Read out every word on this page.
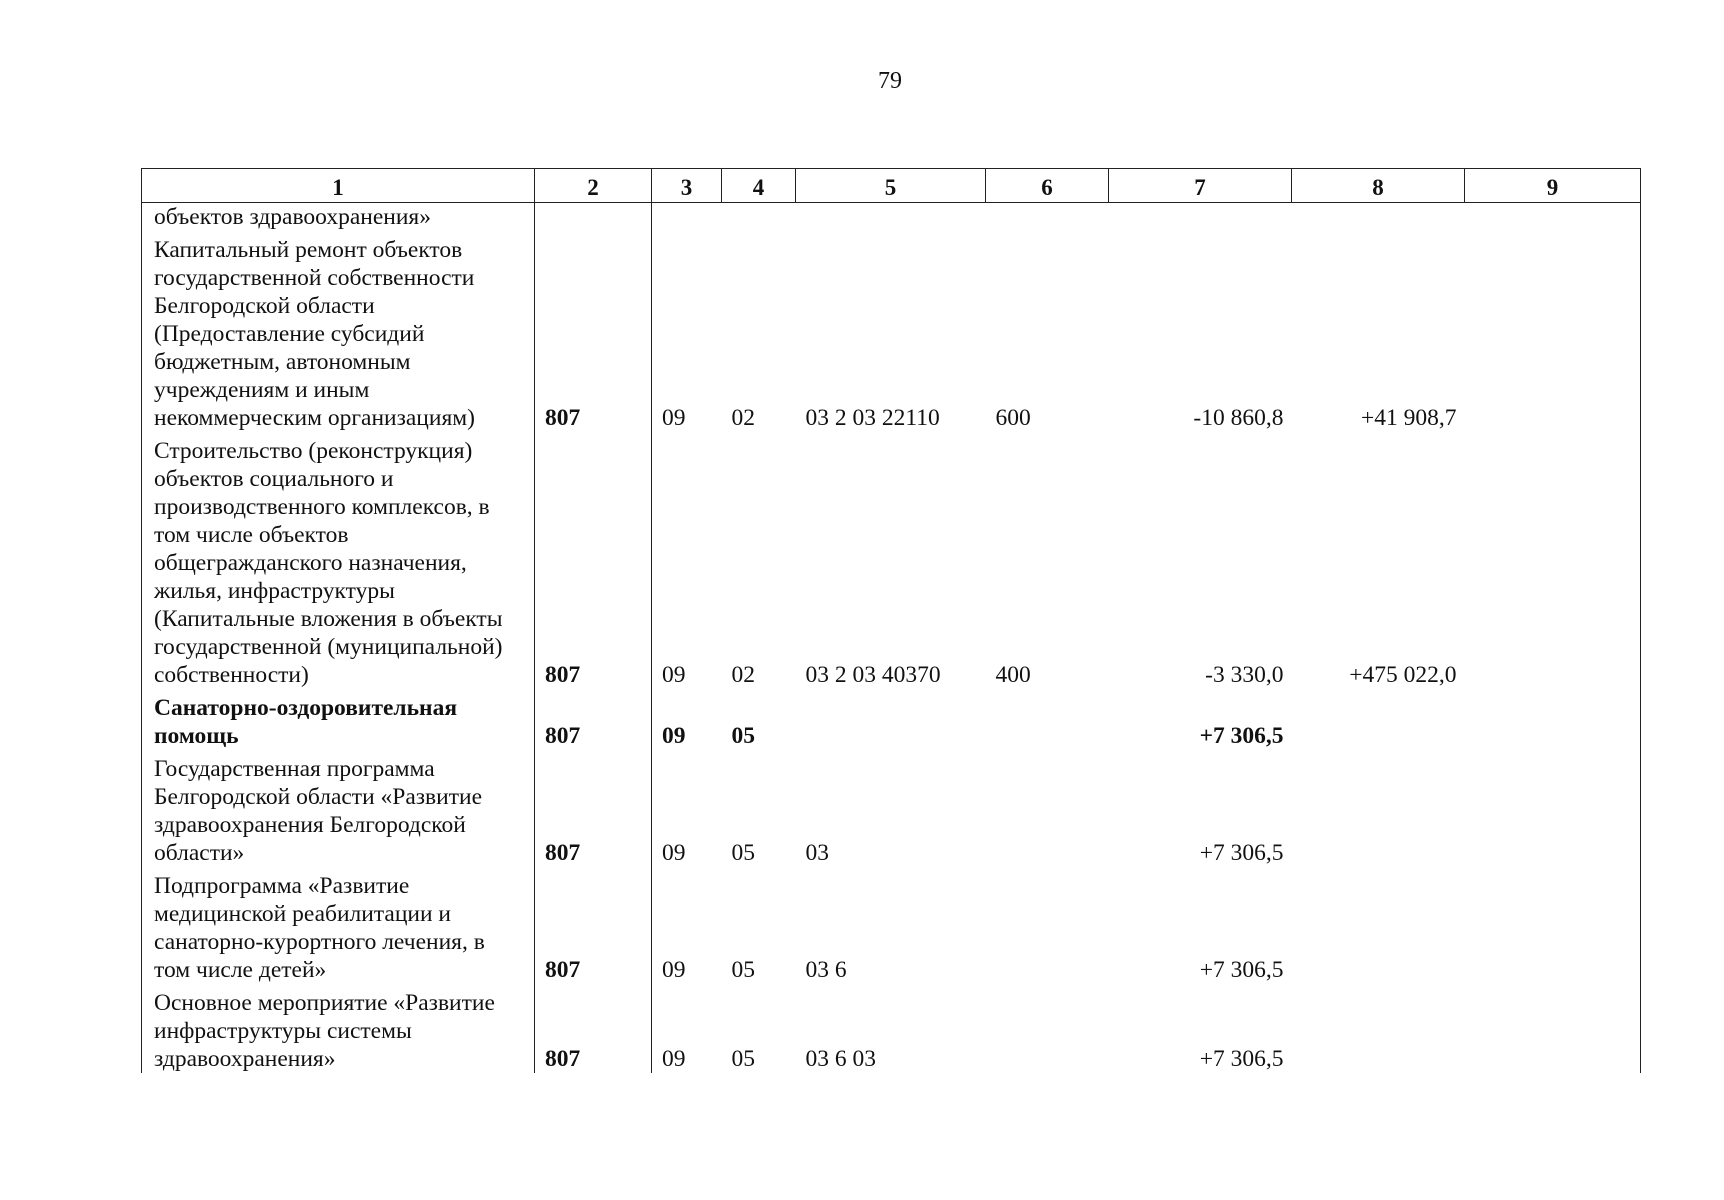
79
1	2	3	4	5	6	7	8	9
объектов здравоохранения»								
Капитальный ремонт объектов государственной собственности Белгородской области (Предоставление субсидий бюджетным, автономным учреждениям и иным некоммерческим организациям)	807	09	02	03 2 03 22110	600	-10 860,8	+41 908,7	
Строительство (реконструкция) объектов социального и производственного комплексов, в том числе объектов общегражданского назначения, жилья, инфраструктуры (Капитальные вложения в объекты государственной (муниципальной) собственности)	807	09	02	03 2 03 40370	400	-3 330,0	+475 022,0	
Санаторно-оздоровительная помощь	807	09	05			+7 306,5		
Государственная программа Белгородской области «Развитие здравоохранения Белгородской области»	807	09	05	03		+7 306,5		
Подпрограмма «Развитие медицинской реабилитации и санаторно-курортного лечения, в том числе детей»	807	09	05	03 6		+7 306,5		
Основное мероприятие «Развитие инфраструктуры системы здравоохранения»	807	09	05	03 6 03		+7 306,5		
